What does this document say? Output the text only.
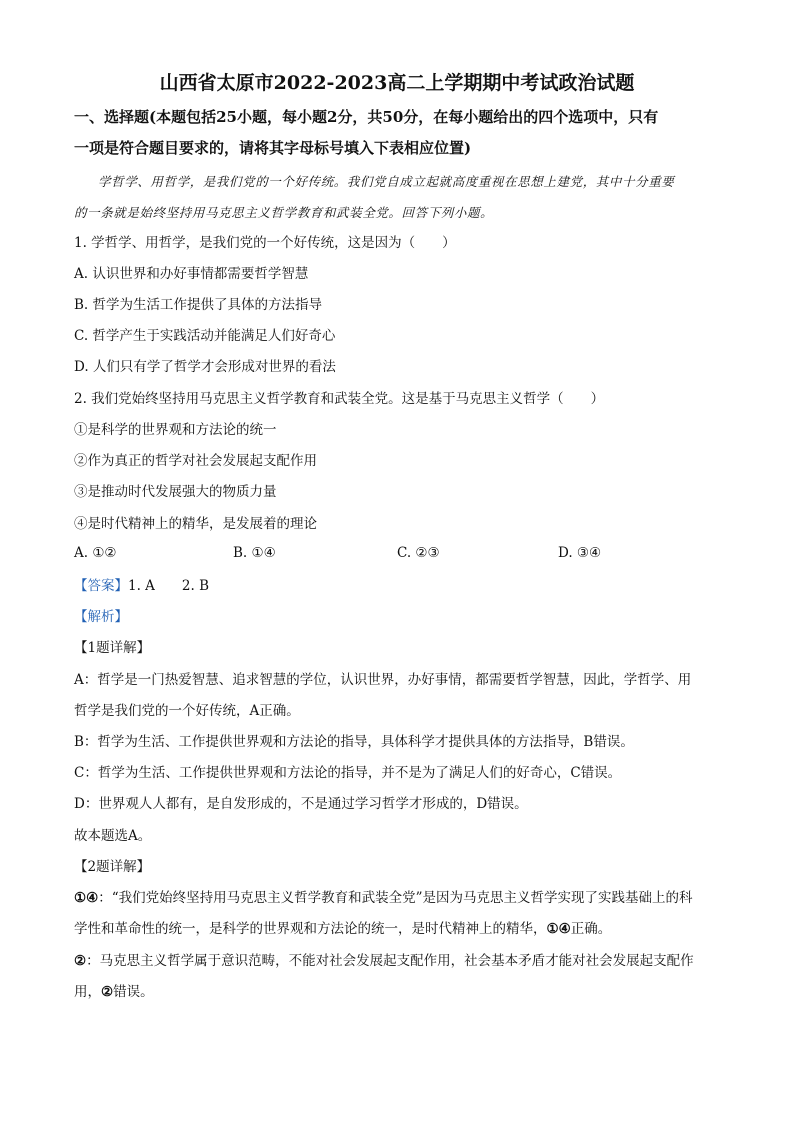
山西省太原市2022-2023高二上学期期中考试政治试题
一、选择题(本题包括25小题，每小题2分，共50分，在每小题给出的四个选项中，只有
一项是符合题目要求的，请将其字母标号填入下表相应位置)
学哲学、用哲学，是我们党的一个好传统。我们党自成立起就高度重视在思想上建党，其中十分重要
的一条就是始终坚持用马克思主义哲学教育和武装全党。回答下列小题。
1. 学哲学、用哲学，是我们党的一个好传统，这是因为（　　）
A. 认识世界和办好事情都需要哲学智慧
B. 哲学为生活工作提供了具体的方法指导
C. 哲学产生于实践活动并能满足人们好奇心
D. 人们只有学了哲学才会形成对世界的看法
2. 我们党始终坚持用马克思主义哲学教育和武装全党。这是基于马克思主义哲学（　　）
①是科学的世界观和方法论的统一
②作为真正的哲学对社会发展起支配作用
③是推动时代发展强大的物质力量
④是时代精神上的精华，是发展着的理论
A. ①②	B. ①④	C. ②③	D. ③④
【答案】1. A　　2. B
【解析】
【1题详解】
A：哲学是一门热爱智慧、追求智慧的学位，认识世界，办好事情，都需要哲学智慧，因此，学哲学、用
哲学是我们党的一个好传统，A正确。
B：哲学为生活、工作提供世界观和方法论的指导，具体科学才提供具体的方法指导，B错误。
C：哲学为生活、工作提供世界观和方法论的指导，并不是为了满足人们的好奇心，C错误。
D：世界观人人都有，是自发形成的，不是通过学习哲学才形成的，D错误。
故本题选A。
【2题详解】
①④：“我们党始终坚持用马克思主义哲学教育和武装全党”是因为马克思主义哲学实现了实践基础上的科
学性和革命性的统一，是科学的世界观和方法论的统一，是时代精神上的精华，①④正确。
②：马克思主义哲学属于意识范畴，不能对社会发展起支配作用，社会基本矛盾才能对社会发展起支配作
用，②错误。
